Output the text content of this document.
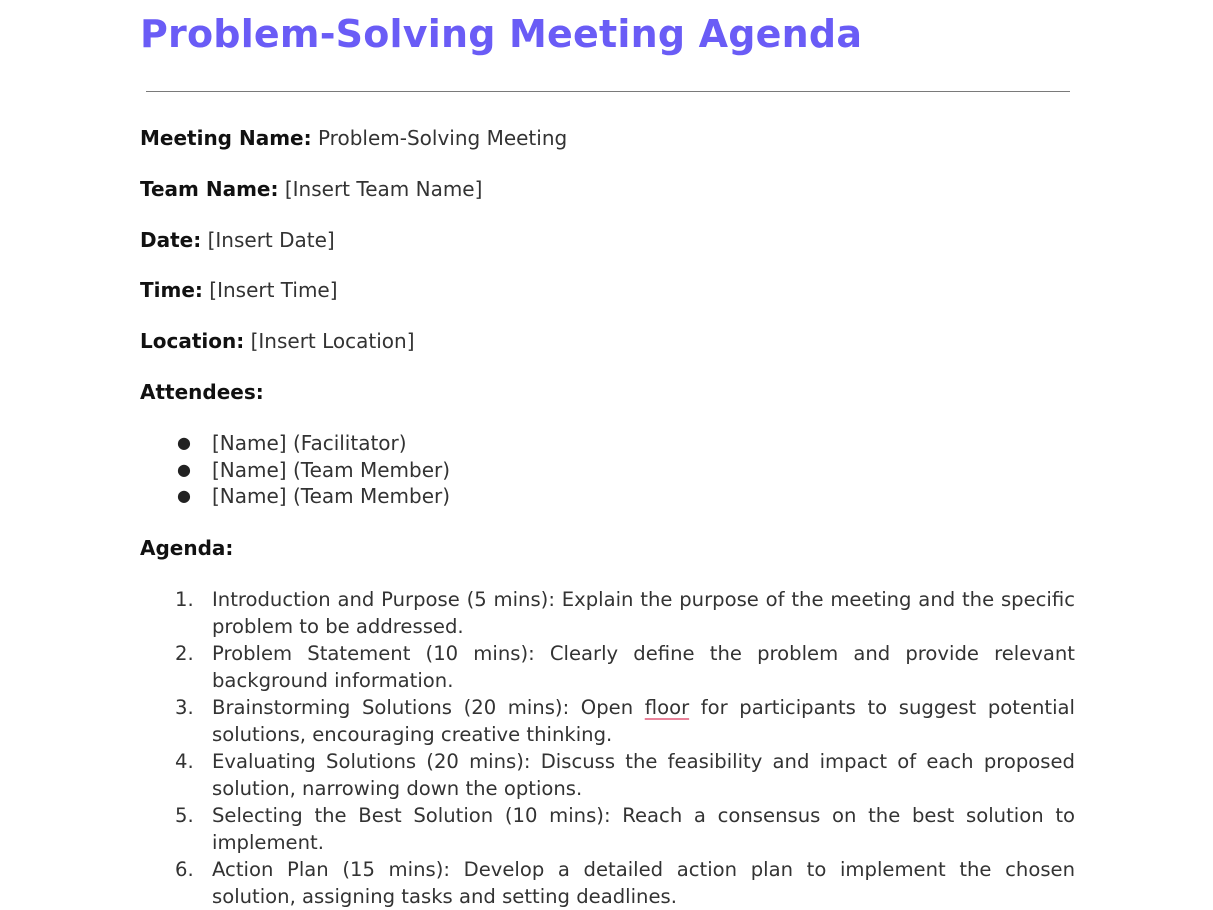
Problem-Solving Meeting Agenda
Meeting Name: Problem-Solving Meeting
Team Name: [Insert Team Name]
Date: [Insert Date]
Time: [Insert Time]
Location: [Insert Location]
Attendees:
● [Name] (Facilitator)
● [Name] (Team Member)
● [Name] (Team Member)
Agenda:
1. Introduction and Purpose (5 mins): Explain the purpose of the meeting and the specific problem to be addressed.
2. Problem Statement (10 mins): Clearly define the problem and provide relevant background information.
3. Brainstorming Solutions (20 mins): Open floor for participants to suggest potential solutions, encouraging creative thinking.
4. Evaluating Solutions (20 mins): Discuss the feasibility and impact of each proposed solution, narrowing down the options.
5. Selecting the Best Solution (10 mins): Reach a consensus on the best solution to implement.
6. Action Plan (15 mins): Develop a detailed action plan to implement the chosen solution, assigning tasks and setting deadlines.
